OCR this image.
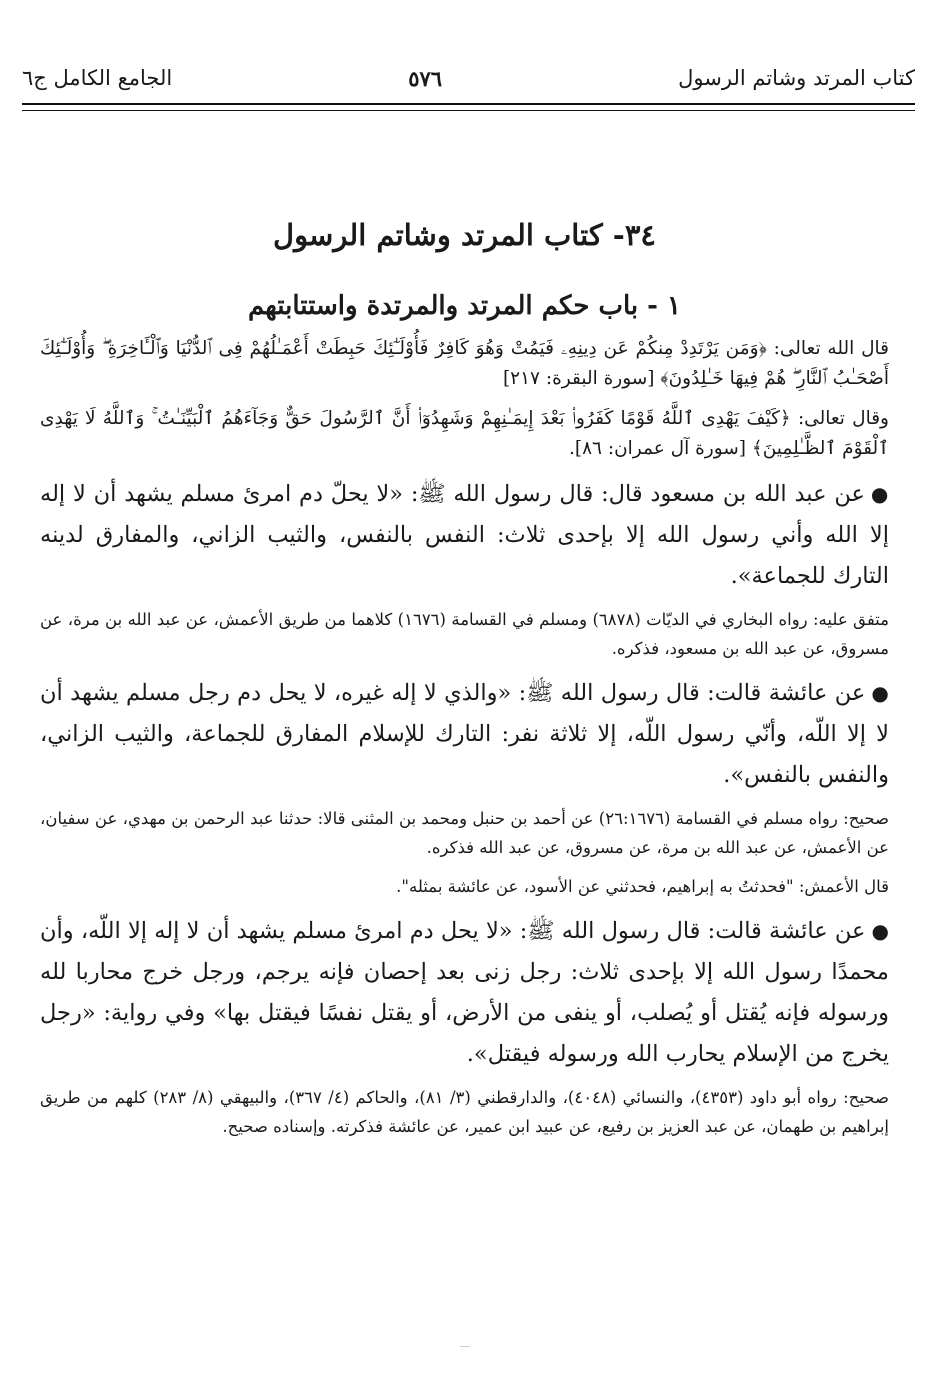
كتاب المرتد وشاتم الرسول
٥٧٦
الجامع الكامل ج٦
٣٤- كتاب المرتد وشاتم الرسول
١ - باب حكم المرتد والمرتدة واستتابتهم
قال الله تعالى: ﴿وَمَن يَرْتَدِدْ مِنكُمْ عَن دِينِهِۦ فَيَمُتْ وَهُوَ كَافِرٌ فَأُوْلَـٰٓئِكَ حَبِطَتْ أَعْمَـٰلُهُمْ فِى ٱلدُّنْيَا وَٱلْـَٔاخِرَةِ ۖ وَأُوْلَـٰٓئِكَ أَصْحَـٰبُ ٱلنَّارِ ۖ هُمْ فِيهَا خَـٰلِدُونَ﴾ [سورة البقرة: ٢١٧]
وقال تعالى: ﴿كَيْفَ يَهْدِى ٱللَّهُ قَوْمًا كَفَرُوا۟ بَعْدَ إِيمَـٰنِهِمْ وَشَهِدُوٓا۟ أَنَّ ٱلرَّسُولَ حَقٌّ وَجَآءَهُمُ ٱلْبَيِّنَـٰتُ ۚ وَٱللَّهُ لَا يَهْدِى ٱلْقَوْمَ ٱلظَّـٰلِمِينَ﴾ [سورة آل عمران: ٨٦].
●عن عبد الله بن مسعود قال: قال رسول الله ﷺ: «لا يحلّ دم امرئ مسلم يشهد أن لا إله إلا الله وأني رسول الله إلا بإحدى ثلاث: النفس بالنفس، والثيب الزاني، والمفارق لدينه التارك للجماعة».
متفق عليه: رواه البخاري في الديّات (٦٨٧٨) ومسلم في القسامة (١٦٧٦) كلاهما من طريق الأعمش، عن عبد الله بن مرة، عن مسروق، عن عبد الله بن مسعود، فذكره.
●عن عائشة قالت: قال رسول الله ﷺ: «والذي لا إله غيره، لا يحل دم رجل مسلم يشهد أن لا إلا اللّه، وأنّي رسول اللّه، إلا ثلاثة نفر: التارك للإسلام المفارق للجماعة، والثيب الزاني، والنفس بالنفس».
صحيح: رواه مسلم في القسامة (٢٦:١٦٧٦) عن أحمد بن حنبل ومحمد بن المثنى قالا: حدثنا عبد الرحمن بن مهدي، عن سفيان، عن الأعمش، عن عبد الله بن مرة، عن مسروق، عن عبد الله فذكره.
قال الأعمش: "فحدثتُ به إبراهيم، فحدثني عن الأسود، عن عائشة بمثله".
●عن عائشة قالت: قال رسول الله ﷺ: «لا يحل دم امرئ مسلم يشهد أن لا إله إلا اللّه، وأن محمدًا رسول الله إلا بإحدى ثلاث: رجل زنى بعد إحصان فإنه يرجم، ورجل خرج محاربا لله ورسوله فإنه يُقتل أو يُصلب، أو ينفى من الأرض، أو يقتل نفسًا فيقتل بها» وفي رواية: «رجل يخرج من الإسلام يحارب الله ورسوله فيقتل».
صحيح: رواه أبو داود (٤٣٥٣)، والنسائي (٤٠٤٨)، والدارقطني (٣/ ٨١)، والحاكم (٤/ ٣٦٧)، والبيهقي (٨/ ٢٨٣) كلهم من طريق إبراهيم بن طهمان، عن عبد العزيز بن رفيع، عن عبيد ابن عمير، عن عائشة فذكرته. وإسناده صحيح.
